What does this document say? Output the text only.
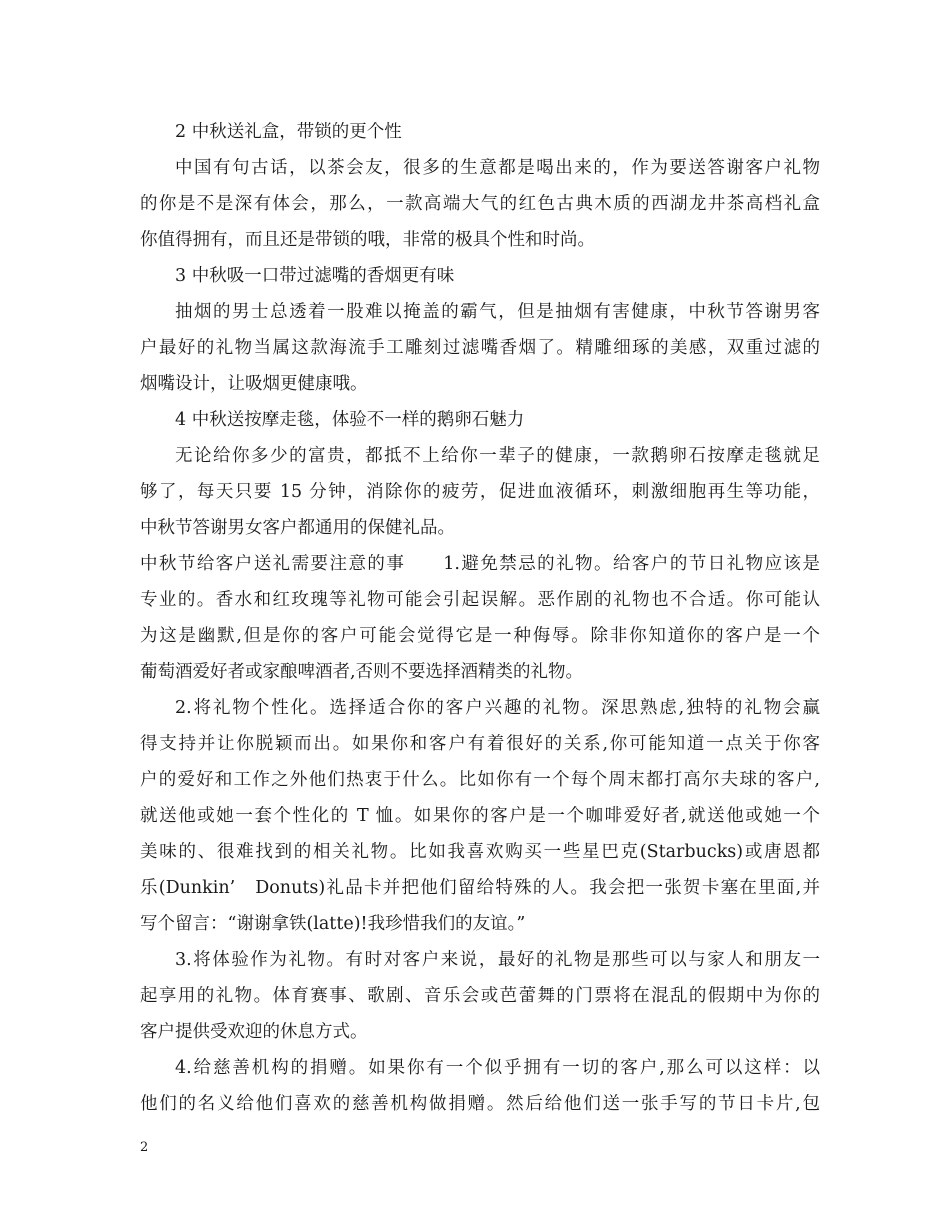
2 中秋送礼盒，带锁的更个性
中国有句古话，以茶会友，很多的生意都是喝出来的，作为要送答谢客户礼物
的你是不是深有体会，那么，一款高端大气的红色古典木质的西湖龙井茶高档礼盒
你值得拥有，而且还是带锁的哦，非常的极具个性和时尚。
3 中秋吸一口带过滤嘴的香烟更有味
抽烟的男士总透着一股难以掩盖的霸气，但是抽烟有害健康，中秋节答谢男客
户最好的礼物当属这款海流手工雕刻过滤嘴香烟了。精雕细琢的美感，双重过滤的
烟嘴设计，让吸烟更健康哦。
4 中秋送按摩走毯，体验不一样的鹅卵石魅力
无论给你多少的富贵，都抵不上给你一辈子的健康，一款鹅卵石按摩走毯就足
够了，每天只要 15 分钟，消除你的疲劳，促进血液循环，刺激细胞再生等功能，
中秋节答谢男女客户都通用的保健礼品。
中秋节给客户送礼需要注意的事　　1.避免禁忌的礼物。给客户的节日礼物应该是
专业的。香水和红玫瑰等礼物可能会引起误解。恶作剧的礼物也不合适。你可能认
为这是幽默,但是你的客户可能会觉得它是一种侮辱。除非你知道你的客户是一个
葡萄酒爱好者或家酿啤酒者,否则不要选择酒精类的礼物。
2.将礼物个性化。选择适合你的客户兴趣的礼物。深思熟虑,独特的礼物会赢
得支持并让你脱颖而出。如果你和客户有着很好的关系,你可能知道一点关于你客
户的爱好和工作之外他们热衷于什么。比如你有一个每个周末都打高尔夫球的客户,
就送他或她一套个性化的 T 恤。如果你的客户是一个咖啡爱好者,就送他或她一个
美味的、很难找到的相关礼物。比如我喜欢购买一些星巴克(Starbucks)或唐恩都
乐(Dunkin’　Donuts)礼品卡并把他们留给特殊的人。我会把一张贺卡塞在里面,并
写个留言：“谢谢拿铁(latte)!我珍惜我们的友谊。”
3.将体验作为礼物。有时对客户来说，最好的礼物是那些可以与家人和朋友一
起享用的礼物。体育赛事、歌剧、音乐会或芭蕾舞的门票将在混乱的假期中为你的
客户提供受欢迎的休息方式。
4.给慈善机构的捐赠。如果你有一个似乎拥有一切的客户,那么可以这样：以
他们的名义给他们喜欢的慈善机构做捐赠。然后给他们送一张手写的节日卡片,包
2
